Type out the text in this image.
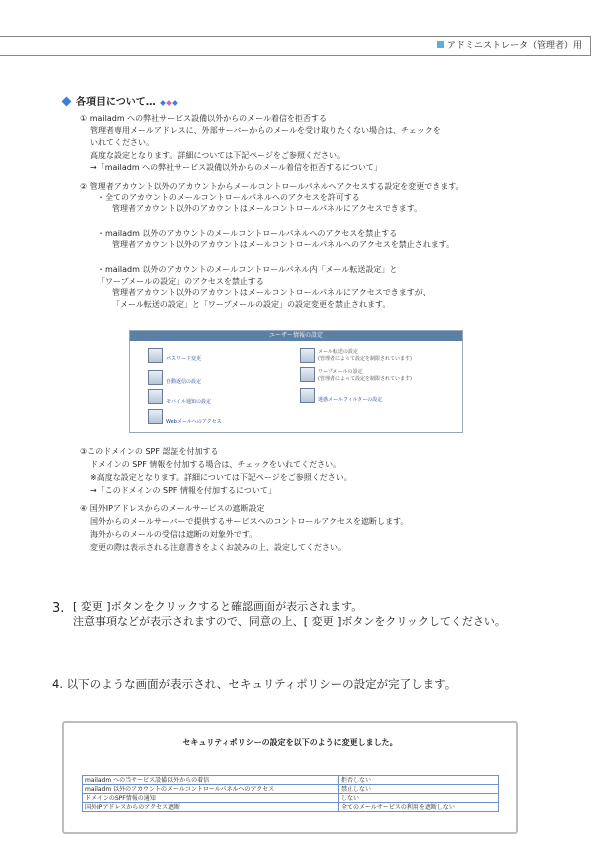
アドミニストレータ（管理者）用
各項目について…
① mailadm への弊社サービス設備以外からのメール着信を拒否する
管理者専用メールアドレスに、外部サーバーからのメールを受け取りたくない場合は、チェックを
いれてください。
高度な設定となります。詳細については下記ページをご参照ください。
→「mailadm への弊社サービス設備以外からのメール着信を拒否するについて」
② 管理者アカウント以外のアカウントからメールコントロールパネルへアクセスする設定を変更できます。
・全てのアカウントのメールコントロールパネルへのアクセスを許可する
管理者アカウント以外のアカウントはメールコントロールパネルにアクセスできます。
・mailadm 以外のアカウントのメールコントロールパネルへのアクセスを禁止する
管理者アカウント以外のアカウントはメールコントロールパネルへのアクセスを禁止されます。
・mailadm 以外のアカウントのメールコントロールパネル内「メール転送設定」と
「ワープメールの設定」のアクセスを禁止する
管理者アカウント以外のアカウントはメールコントロールパネルにアクセスできますが、
「メール転送の設定」と「ワープメールの設定」の設定変更を禁止されます。
ユーザー情報の設定
パスワード変更
自動返信の設定
モバイル通知の設定
Webメールへのアクセス
メール転送の設定
(管理者によって設定を制限されています)
ワープメールの設定
(管理者によって設定を制限されています)
迷惑メールフィルターの設定
③このドメインの SPF 認証を付加する
ドメインの SPF 情報を付加する場合は、チェックをいれてください。
※高度な設定となります。詳細については下記ページをご参照ください。
→「このドメインの SPF 情報を付加するについて」
④ 国外IPアドレスからのメールサービスの遮断設定
国外からのメールサーバーで提供するサービスへのコントロールアクセスを遮断します。
海外からのメールの受信は遮断の対象外です。
変更の際は表示される注意書きをよくお読みの上、設定してください。
3. [ 変更 ]ボタンをクリックすると確認画面が表示されます。
注意事項などが表示されますので、同意の上、[ 変更 ]ボタンをクリックしてください。
4. 以下のような画面が表示され、セキュリティポリシーの設定が完了します。
セキュリティポリシーの設定を以下のように変更しました。
mailadm への当サービス設備以外からの着信	拒否しない
mailadm 以外のアカウントのメールコントロールパネルへのアクセス	禁止しない
ドメインのSPF情報の通知	しない
国外IPアドレスからのアクセス遮断	全てのメールサービスの利用を遮断しない
